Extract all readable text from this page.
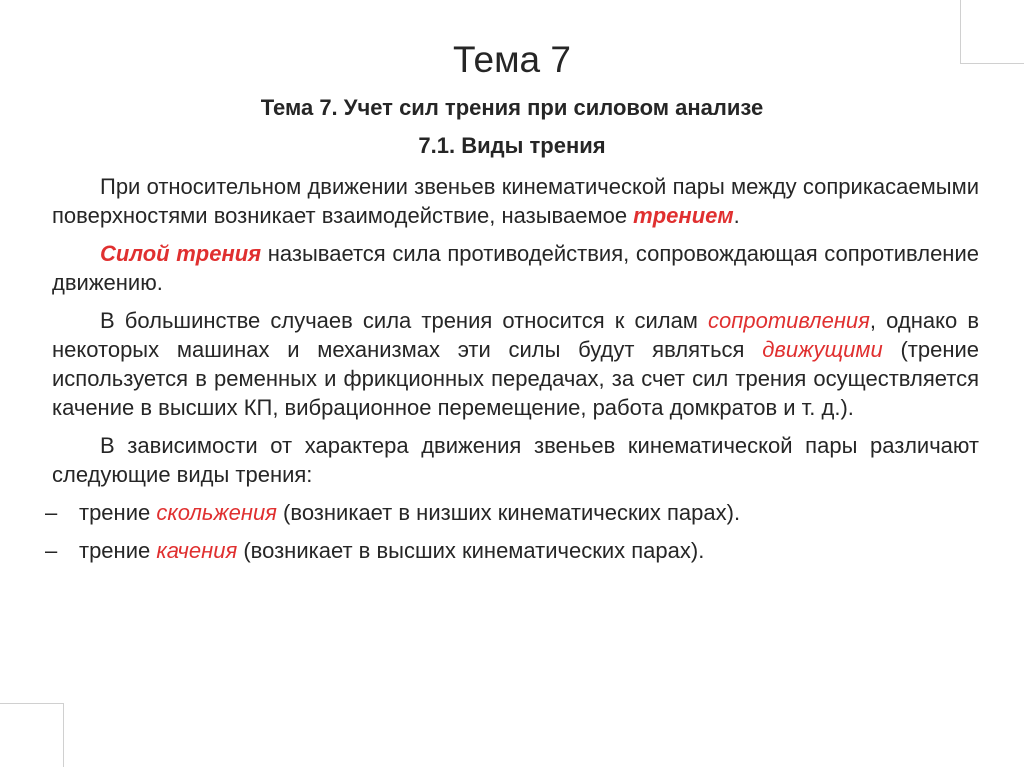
Тема 7
Тема 7. Учет сил трения при силовом анализе
7.1. Виды трения

При относительном движении звеньев кинематической пары между соприкасаемыми поверхностями возникает взаимодействие, называемое трением.

Силой трения называется сила противодействия, сопровождающая сопротивление движению.

В большинстве случаев сила трения относится к силам сопротивления, однако в некоторых машинах и механизмах эти силы будут являться движущими (трение используется в ременных и фрикционных передачах, за счет сил трения осуществляется качение в высших КП, вибрационное перемещение, работа домкратов и т. д.).

В зависимости от характера движения звеньев кинематической пары различают следующие виды трения:

– трение скольжения (возникает в низших кинематических парах).
– трение качения (возникает в высших кинематических парах).
